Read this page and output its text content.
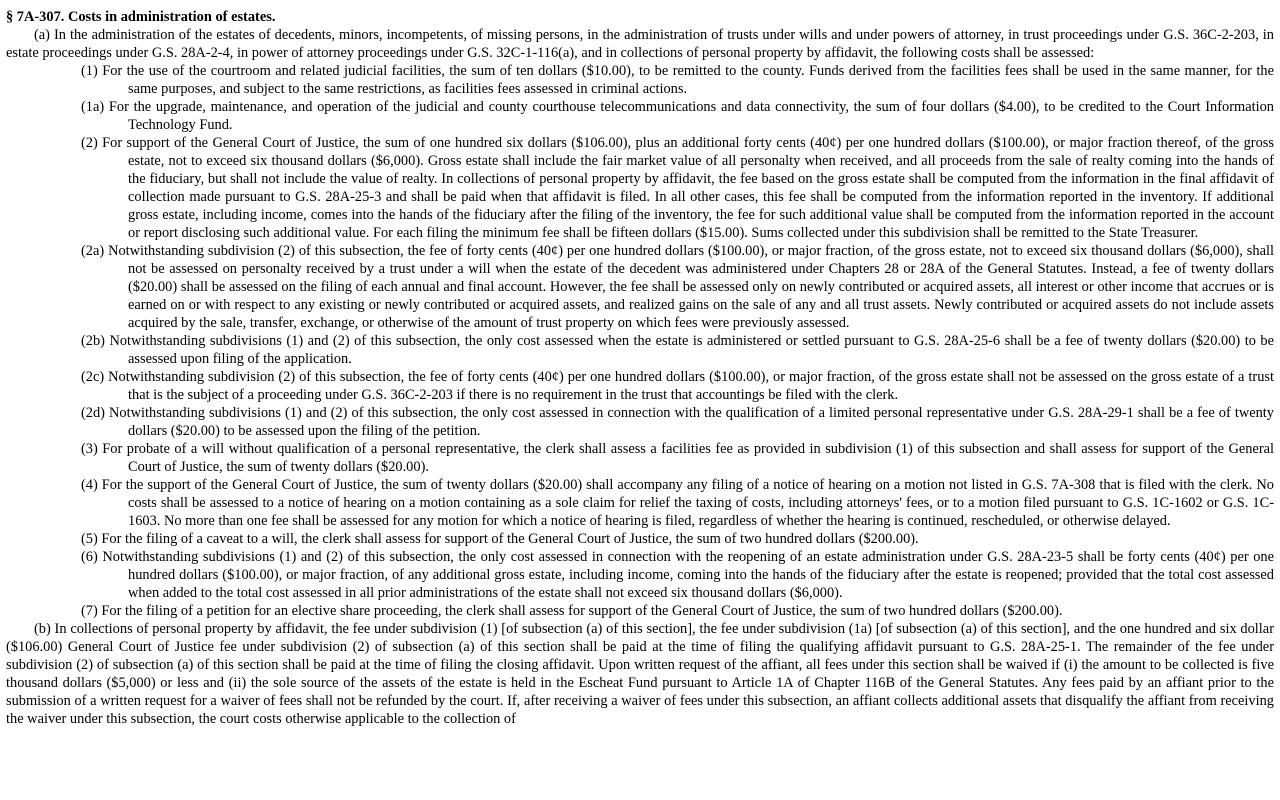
§ 7A-307. Costs in administration of estates.

(a) In the administration of the estates of decedents, minors, incompetents, of missing persons, in the administration of trusts under wills and under powers of attorney, in trust proceedings under G.S. 36C-2-203, in estate proceedings under G.S. 28A-2-4, in power of attorney proceedings under G.S. 32C-1-116(a), and in collections of personal property by affidavit, the following costs shall be assessed:

(1) For the use of the courtroom and related judicial facilities, the sum of ten dollars ($10.00), to be remitted to the county. Funds derived from the facilities fees shall be used in the same manner, for the same purposes, and subject to the same restrictions, as facilities fees assessed in criminal actions.

(1a) For the upgrade, maintenance, and operation of the judicial and county courthouse telecommunications and data connectivity, the sum of four dollars ($4.00), to be credited to the Court Information Technology Fund.

(2) For support of the General Court of Justice, the sum of one hundred six dollars ($106.00), plus an additional forty cents (40¢) per one hundred dollars ($100.00), or major fraction thereof, of the gross estate, not to exceed six thousand dollars ($6,000). Gross estate shall include the fair market value of all personalty when received, and all proceeds from the sale of realty coming into the hands of the fiduciary, but shall not include the value of realty. In collections of personal property by affidavit, the fee based on the gross estate shall be computed from the information in the final affidavit of collection made pursuant to G.S. 28A-25-3 and shall be paid when that affidavit is filed. In all other cases, this fee shall be computed from the information reported in the inventory. If additional gross estate, including income, comes into the hands of the fiduciary after the filing of the inventory, the fee for such additional value shall be computed from the information reported in the account or report disclosing such additional value. For each filing the minimum fee shall be fifteen dollars ($15.00). Sums collected under this subdivision shall be remitted to the State Treasurer.

(2a) Notwithstanding subdivision (2) of this subsection, the fee of forty cents (40¢) per one hundred dollars ($100.00), or major fraction, of the gross estate, not to exceed six thousand dollars ($6,000), shall not be assessed on personalty received by a trust under a will when the estate of the decedent was administered under Chapters 28 or 28A of the General Statutes. Instead, a fee of twenty dollars ($20.00) shall be assessed on the filing of each annual and final account. However, the fee shall be assessed only on newly contributed or acquired assets, all interest or other income that accrues or is earned on or with respect to any existing or newly contributed or acquired assets, and realized gains on the sale of any and all trust assets. Newly contributed or acquired assets do not include assets acquired by the sale, transfer, exchange, or otherwise of the amount of trust property on which fees were previously assessed.

(2b) Notwithstanding subdivisions (1) and (2) of this subsection, the only cost assessed when the estate is administered or settled pursuant to G.S. 28A-25-6 shall be a fee of twenty dollars ($20.00) to be assessed upon filing of the application.

(2c) Notwithstanding subdivision (2) of this subsection, the fee of forty cents (40¢) per one hundred dollars ($100.00), or major fraction, of the gross estate shall not be assessed on the gross estate of a trust that is the subject of a proceeding under G.S. 36C-2-203 if there is no requirement in the trust that accountings be filed with the clerk.

(2d) Notwithstanding subdivisions (1) and (2) of this subsection, the only cost assessed in connection with the qualification of a limited personal representative under G.S. 28A-29-1 shall be a fee of twenty dollars ($20.00) to be assessed upon the filing of the petition.

(3) For probate of a will without qualification of a personal representative, the clerk shall assess a facilities fee as provided in subdivision (1) of this subsection and shall assess for support of the General Court of Justice, the sum of twenty dollars ($20.00).

(4) For the support of the General Court of Justice, the sum of twenty dollars ($20.00) shall accompany any filing of a notice of hearing on a motion not listed in G.S. 7A-308 that is filed with the clerk. No costs shall be assessed to a notice of hearing on a motion containing as a sole claim for relief the taxing of costs, including attorneys' fees, or to a motion filed pursuant to G.S. 1C-1602 or G.S. 1C-1603. No more than one fee shall be assessed for any motion for which a notice of hearing is filed, regardless of whether the hearing is continued, rescheduled, or otherwise delayed.

(5) For the filing of a caveat to a will, the clerk shall assess for support of the General Court of Justice, the sum of two hundred dollars ($200.00).

(6) Notwithstanding subdivisions (1) and (2) of this subsection, the only cost assessed in connection with the reopening of an estate administration under G.S. 28A-23-5 shall be forty cents (40¢) per one hundred dollars ($100.00), or major fraction, of any additional gross estate, including income, coming into the hands of the fiduciary after the estate is reopened; provided that the total cost assessed when added to the total cost assessed in all prior administrations of the estate shall not exceed six thousand dollars ($6,000).

(7) For the filing of a petition for an elective share proceeding, the clerk shall assess for support of the General Court of Justice, the sum of two hundred dollars ($200.00).

(b) In collections of personal property by affidavit, the fee under subdivision (1) [of subsection (a) of this section], the fee under subdivision (1a) [of subsection (a) of this section], and the one hundred and six dollar ($106.00) General Court of Justice fee under subdivision (2) of subsection (a) of this section shall be paid at the time of filing the qualifying affidavit pursuant to G.S. 28A-25-1. The remainder of the fee under subdivision (2) of subsection (a) of this section shall be paid at the time of filing the closing affidavit. Upon written request of the affiant, all fees under this section shall be waived if (i) the amount to be collected is five thousand dollars ($5,000) or less and (ii) the sole source of the assets of the estate is held in the Escheat Fund pursuant to Article 1A of Chapter 116B of the General Statutes. Any fees paid by an affiant prior to the submission of a written request for a waiver of fees shall not be refunded by the court. If, after receiving a waiver of fees under this subsection, an affiant collects additional assets that disqualify the affiant from receiving the waiver under this subsection, the court costs otherwise applicable to the collection of
